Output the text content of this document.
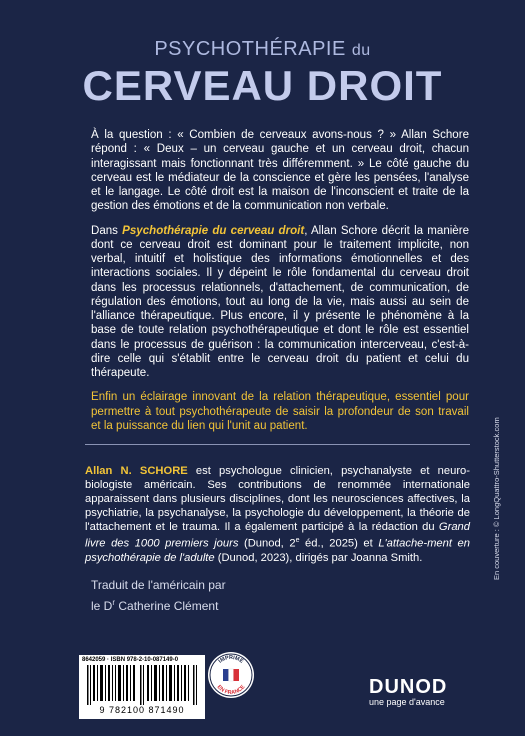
PSYCHOTHÉRAPIE du
CERVEAU DROIT

À la question : « Combien de cerveaux avons-nous ? » Allan Schore répond : « Deux – un cerveau gauche et un cerveau droit, chacun interagissant mais fonctionnant très différemment. » Le côté gauche du cerveau est le médiateur de la conscience et gère les pensées, l'analyse et le langage. Le côté droit est la maison de l'inconscient et traite de la gestion des émotions et de la communication non verbale.

Dans Psychothérapie du cerveau droit, Allan Schore décrit la manière dont ce cerveau droit est dominant pour le traitement implicite, non verbal, intuitif et holistique des informations émotionnelles et des interactions sociales. Il y dépeint le rôle fondamental du cerveau droit dans les processus relationnels, d'attachement, de communication, de régulation des émotions, tout au long de la vie, mais aussi au sein de l'alliance thérapeutique. Plus encore, il y présente le phénomène à la base de toute relation psychothérapeutique et dont le rôle est essentiel dans le processus de guérison : la communication intercerveau, c'est-à-dire celle qui s'établit entre le cerveau droit du patient et celui du thérapeute.

Enfin un éclairage innovant de la relation thérapeutique, essentiel pour permettre à tout psychothérapeute de saisir la profondeur de son travail et la puissance du lien qui l'unit au patient.

Allan N. SCHORE est psychologue clinicien, psychanalyste et neuro-biologiste américain. Ses contributions de renommée internationale apparaissent dans plusieurs disciplines, dont les neurosciences affectives, la psychiatrie, la psychanalyse, la psychologie du développement, la théorie de l'attachement et le trauma. Il a également participé à la rédaction du Grand livre des 1000 premiers jours (Dunod, 2e éd., 2025) et L'attache-ment en psychothérapie de l'adulte (Dunod, 2023), dirigés par Joanna Smith.
Traduit de l'américain par
le $D^r$ Catherine Clément
En couverture : © LongQuattro-Shutterstock.com
8642059 · ISBN 978-2-10-087149-0
9 782100 871490
IMPRIMÉ
EN FRANCE	DUNOD
une page d'avance
